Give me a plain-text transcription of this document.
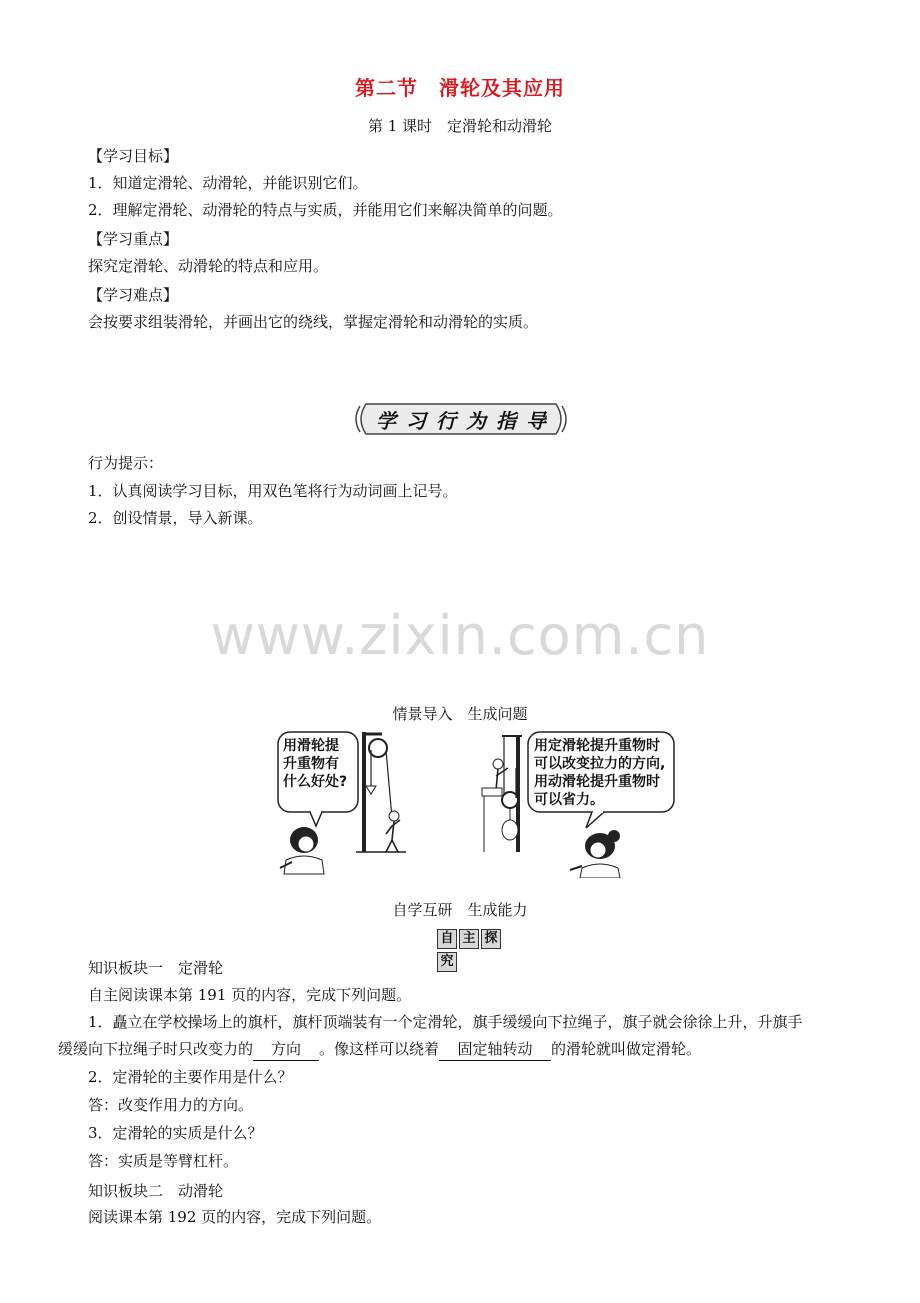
第二节　滑轮及其应用
第 1 课时　定滑轮和动滑轮
【学习目标】
1．知道定滑轮、动滑轮，并能识别它们。
2．理解定滑轮、动滑轮的特点与实质，并能用它们来解决简单的问题。
【学习重点】
探究定滑轮、动滑轮的特点和应用。
【学习难点】
会按要求组装滑轮，并画出它的绕线，掌握定滑轮和动滑轮的实质。
学 习 行 为 指 导
行为提示：
1．认真阅读学习目标，用双色笔将行为动词画上记号。
2．创设情景，导入新课。
www.zixin.com.cn
情景导入　生成问题
用滑轮提
升重物有
什么好处?
用定滑轮提升重物时
可以改变拉力的方向,
用动滑轮提升重物时
可以省力。
自学互研　生成能力
自 主 探究
知识板块一　定滑轮
自主阅读课本第 191 页的内容，完成下列问题。
1．矗立在学校操场上的旗杆，旗杆顶端装有一个定滑轮，旗手缓缓向下拉绳子，旗子就会徐徐上升，升旗手
缓缓向下拉绳子时只改变力的 方向 。像这样可以绕着 固定轴转动 的滑轮就叫做定滑轮。
2．定滑轮的主要作用是什么？
答：改变作用力的方向。
3．定滑轮的实质是什么？
答：实质是等臂杠杆。
知识板块二　动滑轮
阅读课本第 192 页的内容，完成下列问题。
